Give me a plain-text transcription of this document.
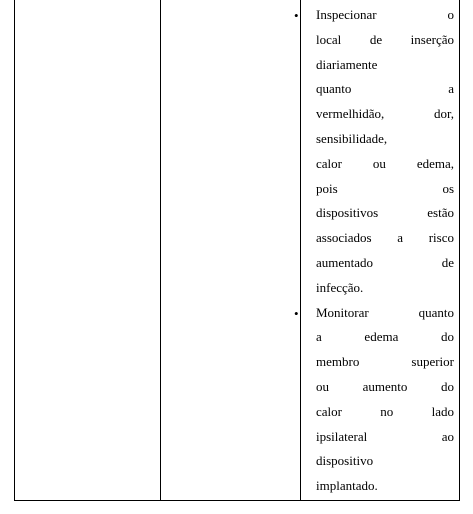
• Inspecionar	o
local de inserção
diariamente
quanto	a
vermelhidão,	dor,
sensibilidade,
calor ou edema,
pois	os
dispositivos	estão
associados a risco
aumentado	de
infecção.
• Monitorar	quanto
a	edema	do
membro	superior
ou	aumento	do
calor	no	lado
ipsilateral	ao
dispositivo
implantado.
